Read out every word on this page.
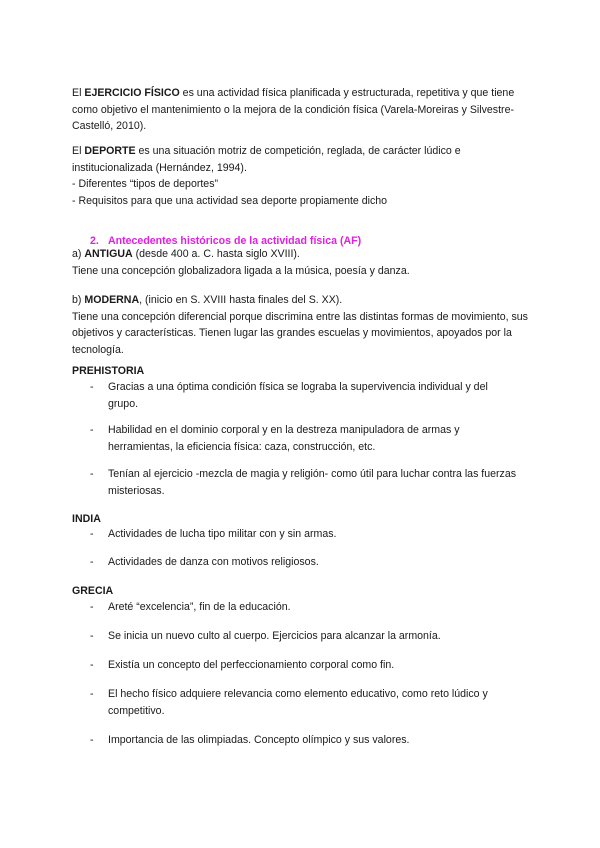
El EJERCICIO FÍSICO es una actividad física planificada y estructurada, repetitiva y que tiene como objetivo el mantenimiento o la mejora de la condición física (Varela-Moreiras y Silvestre-Castelló, 2010).

El DEPORTE es una situación motriz de competición, reglada, de carácter lúdico e institucionalizada (Hernández, 1994).

- Diferentes “tipos de deportes”

- Requisitos para que una actividad sea deporte propiamente dicho

2. Antecedentes históricos de la actividad física (AF)

a) ANTIGUA (desde 400 a. C. hasta siglo XVIII).

Tiene una concepción globalizadora ligada a la música, poesía y danza.

b) MODERNA, (inicio en S. XVIII hasta finales del S. XX).

Tiene una concepción diferencial porque discrimina entre las distintas formas de movimiento, sus objetivos y características. Tienen lugar las grandes escuelas y movimientos, apoyados por la tecnología.

PREHISTORIA
- Gracias a una óptima condición física se lograba la supervivencia individual y del grupo.
- Habilidad en el dominio corporal y en la destreza manipuladora de armas y herramientas, la eficiencia física: caza, construcción, etc.
- Tenían al ejercicio -mezcla de magia y religión- como útil para luchar contra las fuerzas misteriosas.
INDIA
- Actividades de lucha tipo militar con y sin armas.
- Actividades de danza con motivos religiosos.
GRECIA
- Areté “excelencia”, fin de la educación.
- Se inicia un nuevo culto al cuerpo. Ejercicios para alcanzar la armonía.
- Existía un concepto del perfeccionamiento corporal como fin.
- El hecho físico adquiere relevancia como elemento educativo, como reto lúdico y competitivo.
- Importancia de las olimpiadas. Concepto olímpico y sus valores.
